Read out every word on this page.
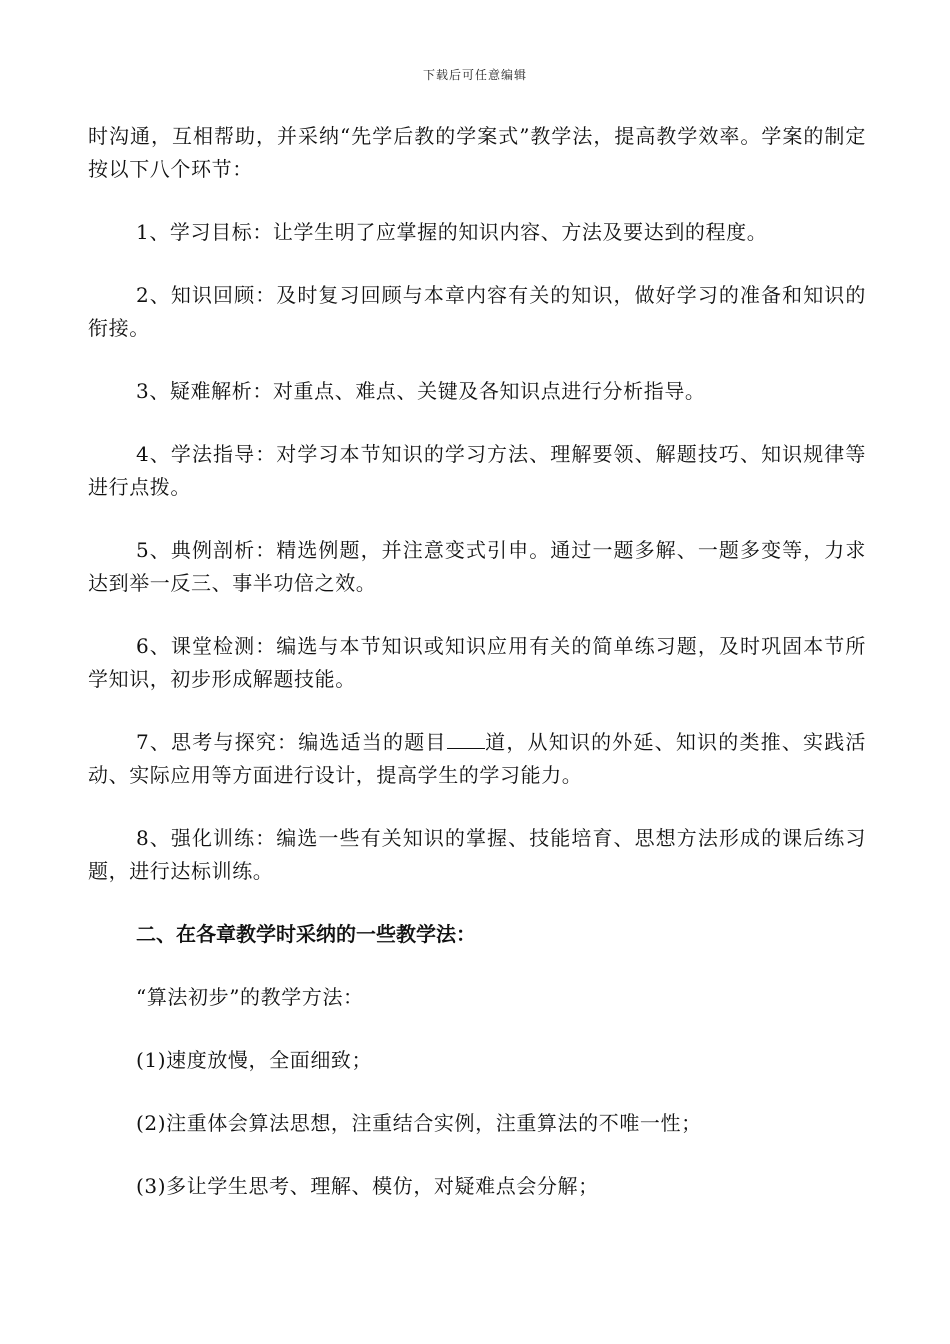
下载后可任意编辑

时沟通，互相帮助，并采纳“先学后教的学案式”教学法，提高教学效率。学案的制定按以下八个环节：

1、学习目标：让学生明了应掌握的知识内容、方法及要达到的程度。

2、知识回顾：及时复习回顾与本章内容有关的知识，做好学习的准备和知识的衔接。

3、疑难解析：对重点、难点、关键及各知识点进行分析指导。

4、学法指导：对学习本节知识的学习方法、理解要领、解题技巧、知识规律等进行点拨。

5、典例剖析：精选例题，并注意变式引申。通过一题多解、一题多变等，力求达到举一反三、事半功倍之效。

6、课堂检测：编选与本节知识或知识应用有关的简单练习题，及时巩固本节所学知识，初步形成解题技能。

7、思考与探究：编选适当的题目 道，从知识的外延、知识的类推、实践活动、实际应用等方面进行设计，提高学生的学习能力。

8、强化训练：编选一些有关知识的掌握、技能培育、思想方法形成的课后练习题，进行达标训练。

二、在各章教学时采纳的一些教学法：

“算法初步”的教学方法：

(1)速度放慢，全面细致；

(2)注重体会算法思想，注重结合实例，注重算法的不唯一性；

(3)多让学生思考、理解、模仿，对疑难点会分解；
